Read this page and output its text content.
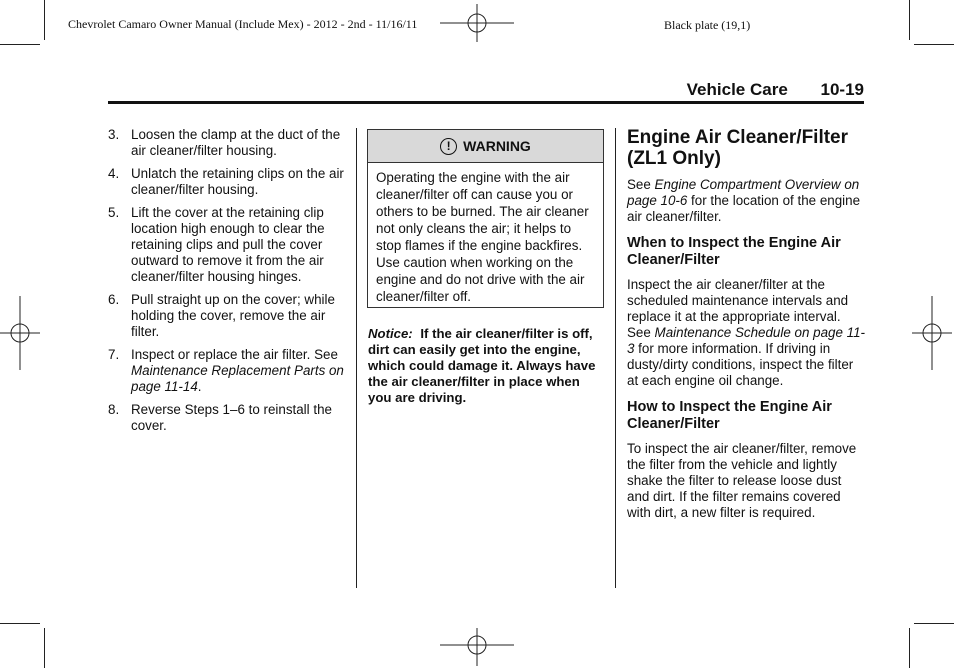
Chevrolet Camaro Owner Manual (Include Mex) - 2012 - 2nd - 11/16/11	Black plate (19,1)
Vehicle Care 10-19
3. Loosen the clamp at the duct of the air cleaner/filter housing.
4. Unlatch the retaining clips on the air cleaner/filter housing.
5. Lift the cover at the retaining clip location high enough to clear the retaining clips and pull the cover outward to remove it from the air cleaner/filter housing hinges.
6. Pull straight up on the cover; while holding the cover, remove the air filter.
7. Inspect or replace the air filter. See Maintenance Replacement Parts on page 11-14.
8. Reverse Steps 1–6 to reinstall the cover.
! WARNING
Operating the engine with the air cleaner/filter off can cause you or others to be burned. The air cleaner not only cleans the air; it helps to stop flames if the engine backfires. Use caution when working on the engine and do not drive with the air cleaner/filter off.
Notice: If the air cleaner/filter is off, dirt can easily get into the engine, which could damage it. Always have the air cleaner/filter in place when you are driving.
Engine Air Cleaner/Filter (ZL1 Only)

See Engine Compartment Overview on page 10-6 for the location of the engine air cleaner/filter.

When to Inspect the Engine Air Cleaner/Filter

Inspect the air cleaner/filter at the scheduled maintenance intervals and replace it at the appropriate interval. See Maintenance Schedule on page 11-3 for more information. If driving in dusty/dirty conditions, inspect the filter at each engine oil change.

How to Inspect the Engine Air Cleaner/Filter

To inspect the air cleaner/filter, remove the filter from the vehicle and lightly shake the filter to release loose dust and dirt. If the filter remains covered with dirt, a new filter is required.
